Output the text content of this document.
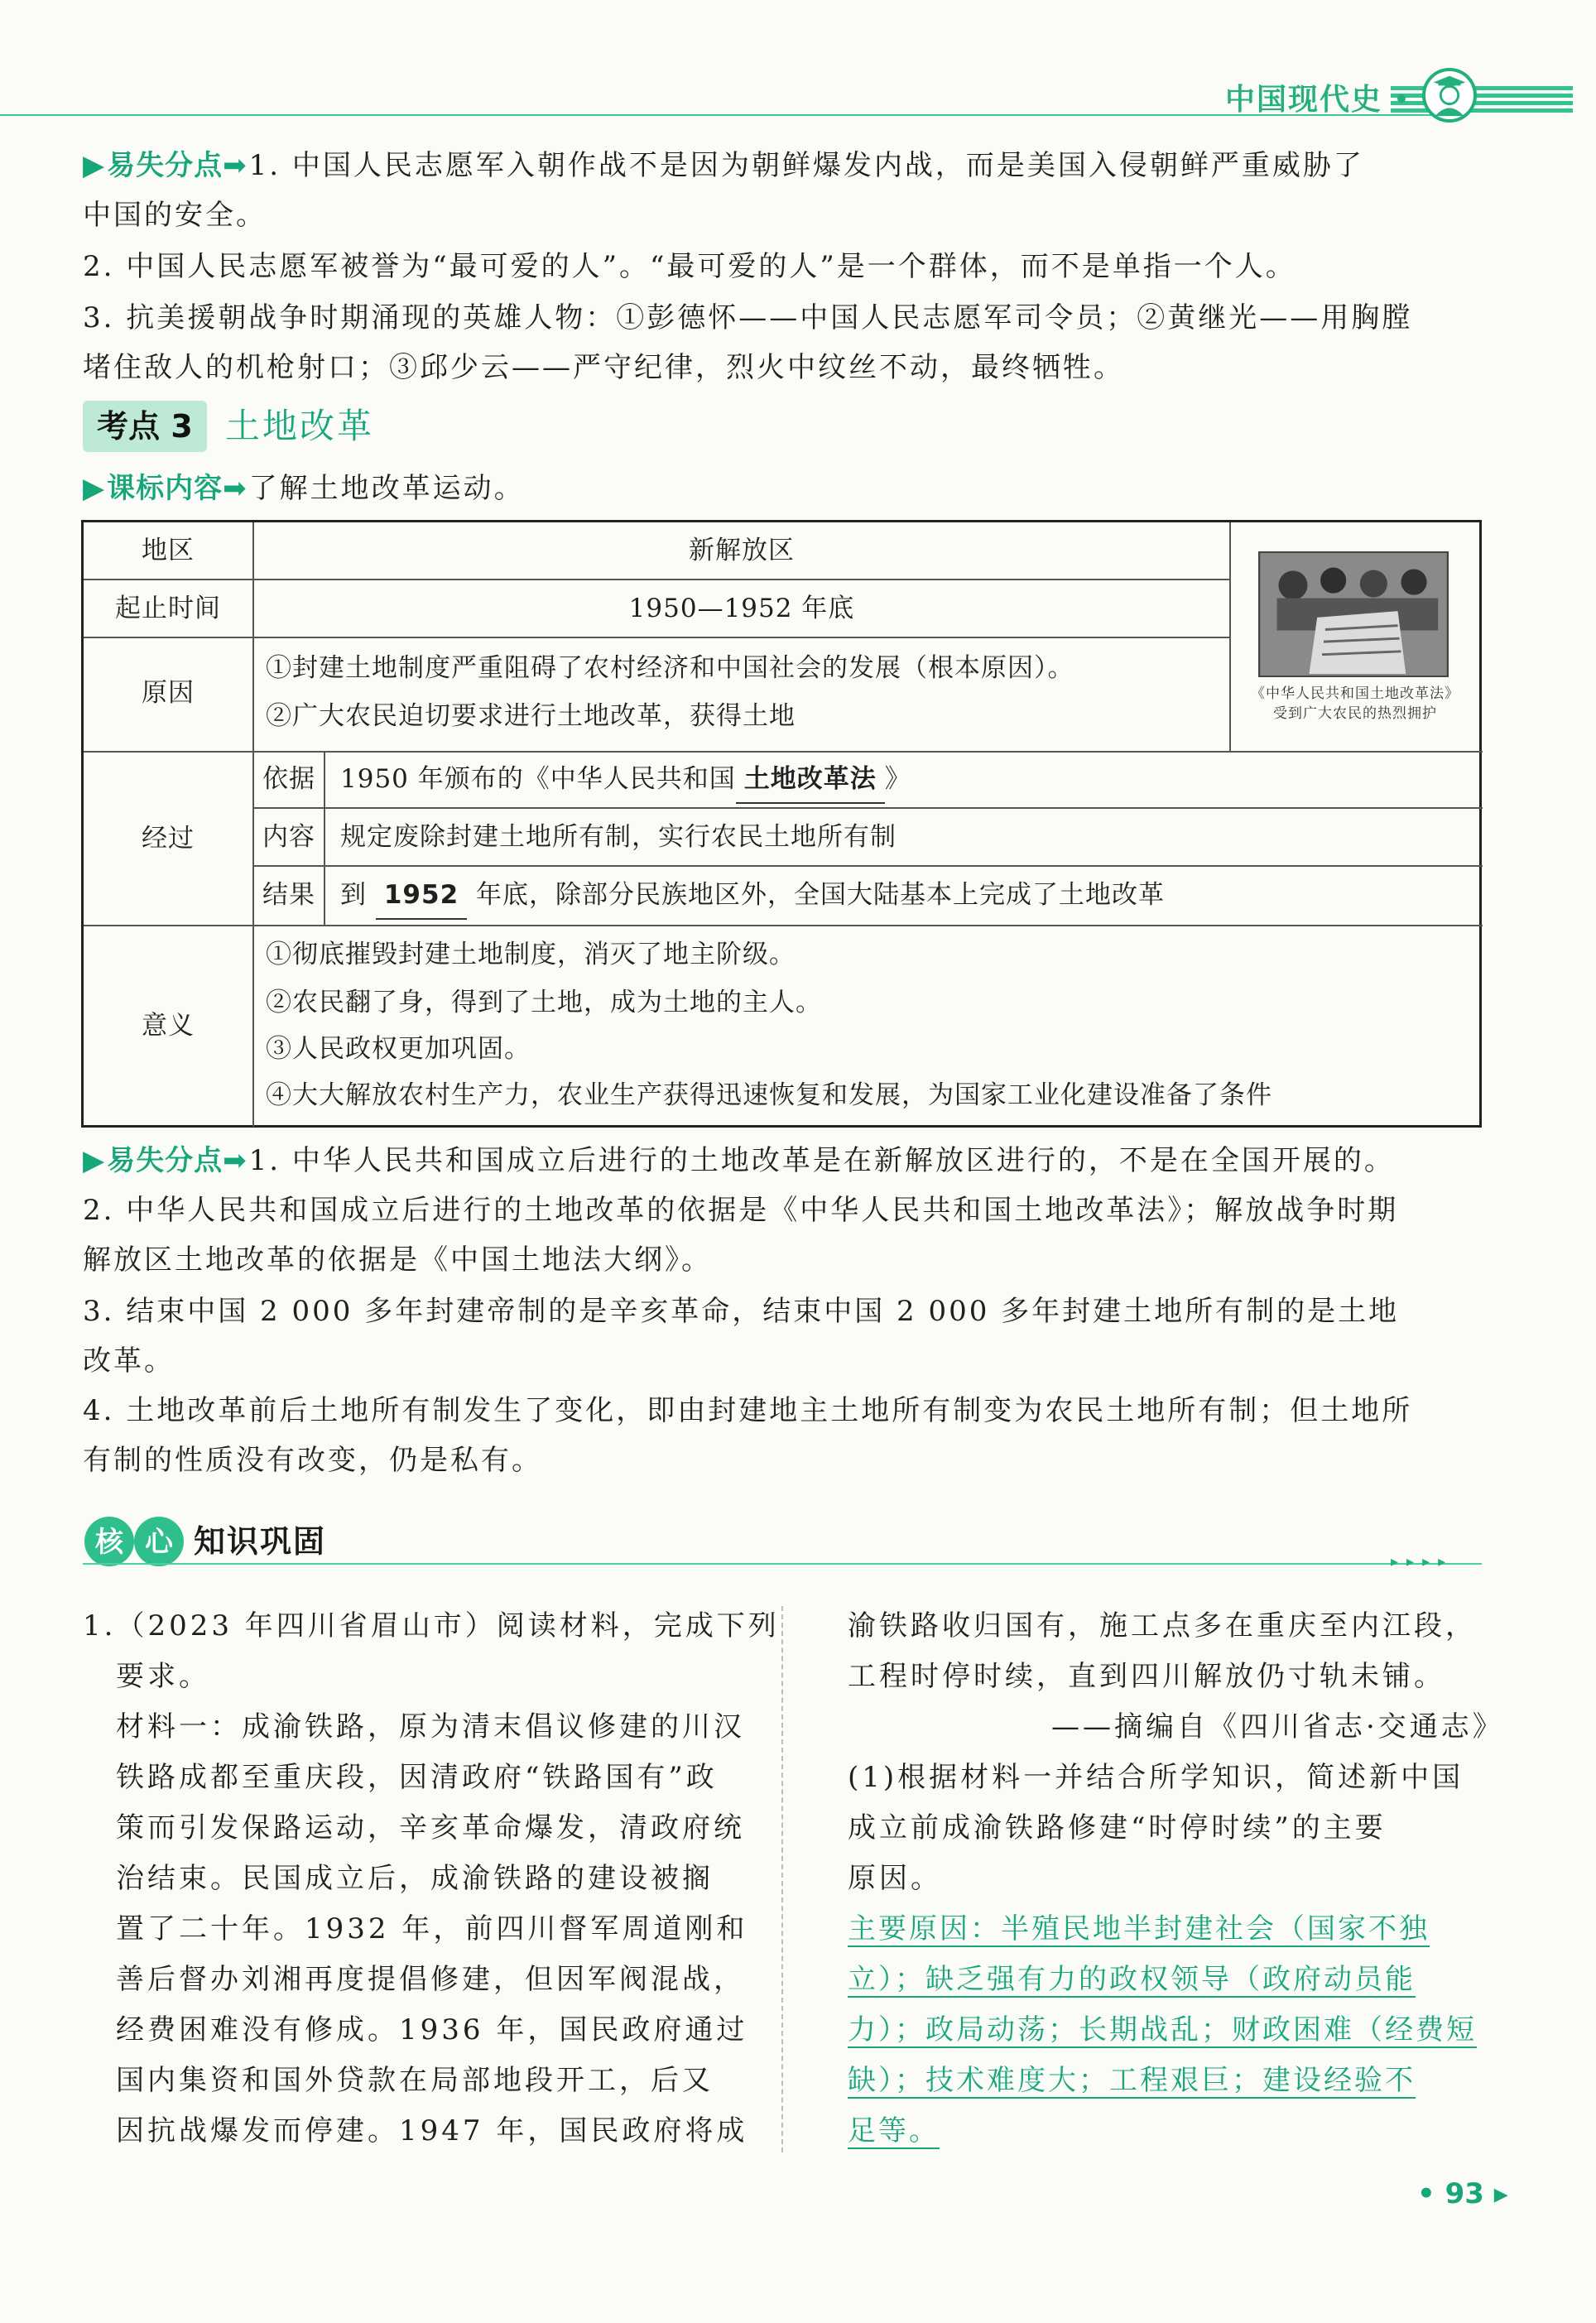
中国现代史
▶易失分点➡1. 中国人民志愿军入朝作战不是因为朝鲜爆发内战，而是美国入侵朝鲜严重威胁了
中国的安全。
2. 中国人民志愿军被誉为“最可爱的人”。“最可爱的人”是一个群体，而不是单指一个人。
3. 抗美援朝战争时期涌现的英雄人物：①彭德怀——中国人民志愿军司令员；②黄继光——用胸膛
堵住敌人的机枪射口；③邱少云——严守纪律，烈火中纹丝不动，最终牺牲。
考点 3 土地改革
▶课标内容➡了解土地改革运动。
地区	新解放区
起止时间	1950—1952 年底
原因
①封建土地制度严重阻碍了农村经济和中国社会的发展（根本原因）。
②广大农民迫切要求进行土地改革，获得土地
经过
依据 1950 年颁布的《中华人民共和国 土地改革法 》
内容 规定废除封建土地所有制，实行农民土地所有制
结果 到 1952 年底，除部分民族地区外，全国大陆基本上完成了土地改革
意义
①彻底摧毁封建土地制度，消灭了地主阶级。
②农民翻了身，得到了土地，成为土地的主人。
③人民政权更加巩固。
④大大解放农村生产力，农业生产获得迅速恢复和发展，为国家工业化建设准备了条件
《中华人民共和国土地改革法》
受到广大农民的热烈拥护
▶易失分点➡1. 中华人民共和国成立后进行的土地改革是在新解放区进行的，不是在全国开展的。
2. 中华人民共和国成立后进行的土地改革的依据是《中华人民共和国土地改革法》；解放战争时期
解放区土地改革的依据是《中国土地法大纲》。
3. 结束中国 2 000 多年封建帝制的是辛亥革命，结束中国 2 000 多年封建土地所有制的是土地
改革。
4. 土地改革前后土地所有制发生了变化，即由封建地主土地所有制变为农民土地所有制；但土地所
有制的性质没有改变，仍是私有。
核 心 知识巩固
▸▸▸▸
1.（2023 年四川省眉山市）阅读材料，完成下列
要求。
材料一：成渝铁路，原为清末倡议修建的川汉
铁路成都至重庆段，因清政府“铁路国有”政
策而引发保路运动，辛亥革命爆发，清政府统
治结束。民国成立后，成渝铁路的建设被搁
置了二十年。1932 年，前四川督军周道刚和
善后督办刘湘再度提倡修建，但因军阀混战，
经费困难没有修成。1936 年，国民政府通过
国内集资和国外贷款在局部地段开工，后又
因抗战爆发而停建。1947 年，国民政府将成
渝铁路收归国有，施工点多在重庆至内江段，
工程时停时续，直到四川解放仍寸轨未铺。
——摘编自《四川省志·交通志》
(1)根据材料一并结合所学知识，简述新中国
成立前成渝铁路修建“时停时续”的主要
原因。
主要原因：半殖民地半封建社会（国家不独
立）；缺乏强有力的政权领导（政府动员能
力）；政局动荡；长期战乱；财政困难（经费短
缺）；技术难度大；工程艰巨；建设经验不
足等。
• 93 ▸
